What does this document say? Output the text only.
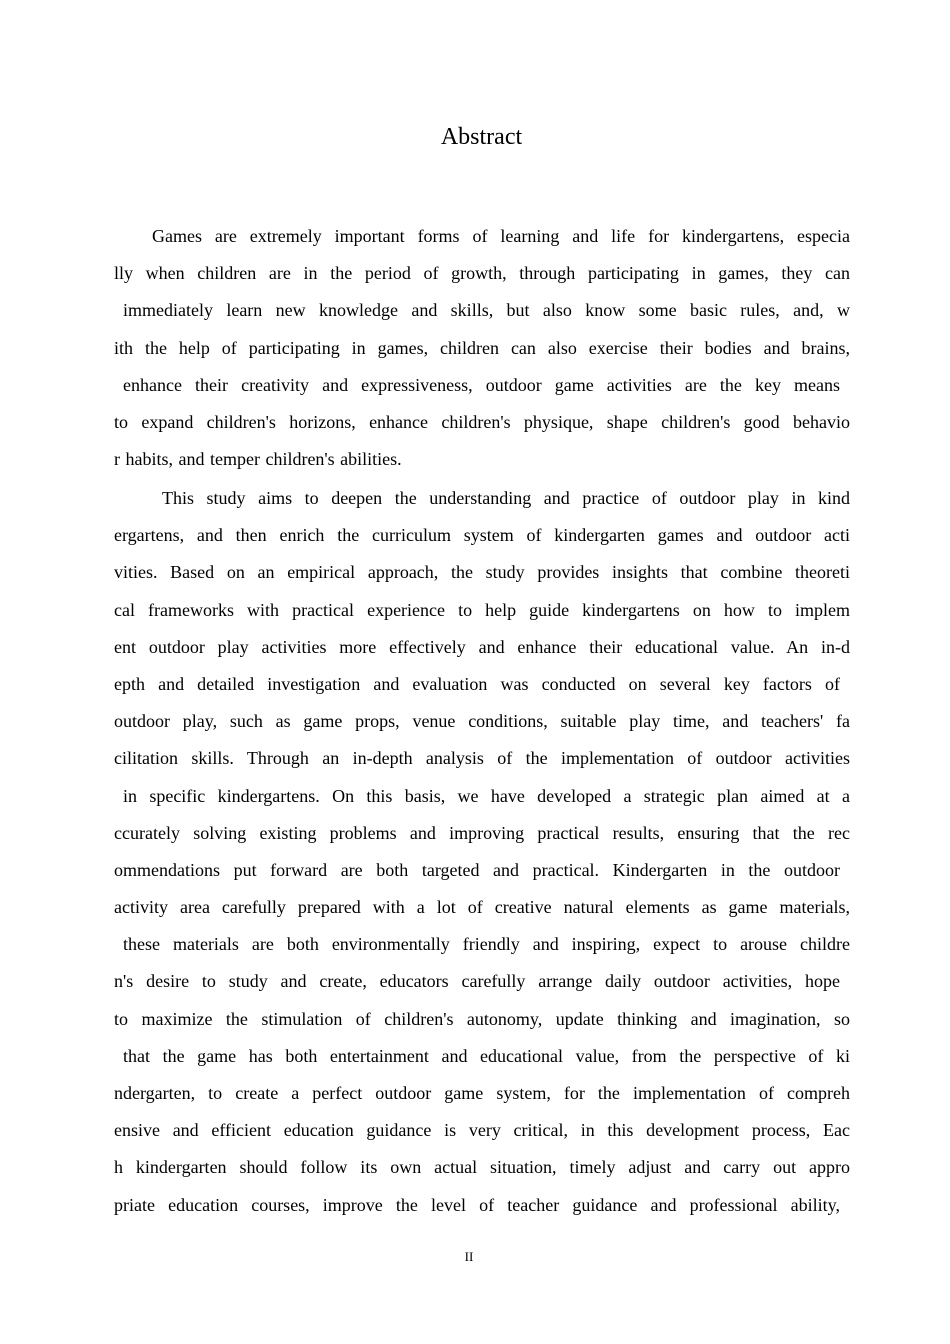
Abstract
Games are extremely important forms of learning and life for kindergartens, especia
lly when children are in the period of growth, through participating in games, they can
immediately learn new knowledge and skills, but also know some basic rules, and, w
ith the help of participating in games, children can also exercise their bodies and brains,
enhance their creativity and expressiveness, outdoor game activities are the key means
to expand children's horizons, enhance children's physique, shape children's good behavio
r habits, and temper children's abilities.
This study aims to deepen the understanding and practice of outdoor play in kind
ergartens, and then enrich the curriculum system of kindergarten games and outdoor acti
vities. Based on an empirical approach, the study provides insights that combine theoreti
cal frameworks with practical experience to help guide kindergartens on how to implem
ent outdoor play activities more effectively and enhance their educational value. An in-d
epth and detailed investigation and evaluation was conducted on several key factors of
outdoor play, such as game props, venue conditions, suitable play time, and teachers' fa
cilitation skills. Through an in-depth analysis of the implementation of outdoor activities
in specific kindergartens. On this basis, we have developed a strategic plan aimed at a
ccurately solving existing problems and improving practical results, ensuring that the rec
ommendations put forward are both targeted and practical. Kindergarten in the outdoor
activity area carefully prepared with a lot of creative natural elements as game materials,
these materials are both environmentally friendly and inspiring, expect to arouse childre
n's desire to study and create, educators carefully arrange daily outdoor activities, hope
to maximize the stimulation of children's autonomy, update thinking and imagination, so
that the game has both entertainment and educational value, from the perspective of ki
ndergarten, to create a perfect outdoor game system, for the implementation of compreh
ensive and efficient education guidance is very critical, in this development process, Eac
h kindergarten should follow its own actual situation, timely adjust and carry out appro
priate education courses, improve the level of teacher guidance and professional ability,
II
